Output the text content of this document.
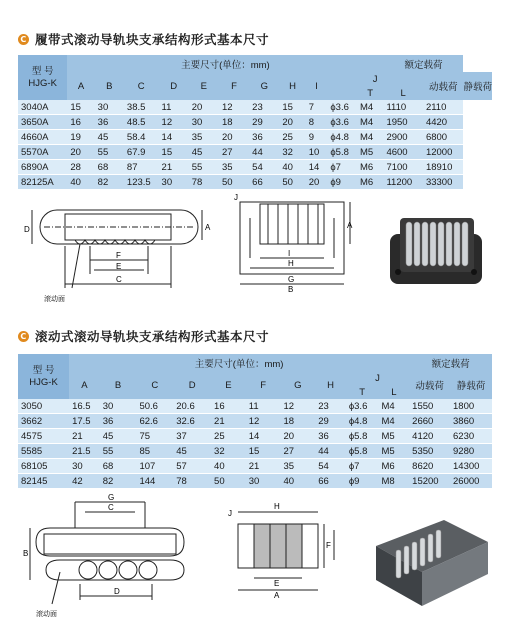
C 履带式滚动导轨块支承结构形式基本尺寸
型 号
HJG-K	主要尺寸(单位：mm)											额定载荷		
	A	B	C	D	E	F	G	H	I	J			动载荷	静载荷
											T	L		
3040A	15	30	38.5	11	20	12	23	15	7	ϕ3.6	M4	1110	2110	
3650A	16	36	48.5	12	30	18	29	20	8	ϕ3.6	M4	1950	4420	
4660A	19	45	58.4	14	35	20	36	25	9	ϕ4.8	M4	2900	6800	
5570A	20	55	67.9	15	45	27	44	32	10	ϕ5.8	M5	4600	12000	
6890A	28	68	87	21	55	35	54	40	14	ϕ7	M6	7100	18910	
82125A	40	82	123.5	30	78	50	66	50	20	ϕ9	M6	11200	33300	
F
E
C
D	A
滚动面
J
I
H
G
B
A
C 滚动式滚动导轨块支承结构形式基本尺寸
型 号
HJG-K	主要尺寸(单位：mm)										额定载荷	
	A	B	C	D	E	F	G	H	J		动载荷	静载荷
									T	L		
3050	16.5	30	50.6	20.6	16	11	12	23	ϕ3.6	M4	1550	1800
3662	17.5	36	62.6	32.6	21	12	18	29	ϕ4.8	M4	2660	3860
4575	21	45	75	37	25	14	20	36	ϕ5.8	M5	4120	6230
5585	21.5	55	85	45	32	15	27	44	ϕ5.8	M5	5350	9280
68105	30	68	107	57	40	21	35	54	ϕ7	M6	8620	14300
82145	42	82	144	78	50	30	40	66	ϕ9	M8	15200	26000
G
C
D
B
滚动面
J
H
E
A
F
